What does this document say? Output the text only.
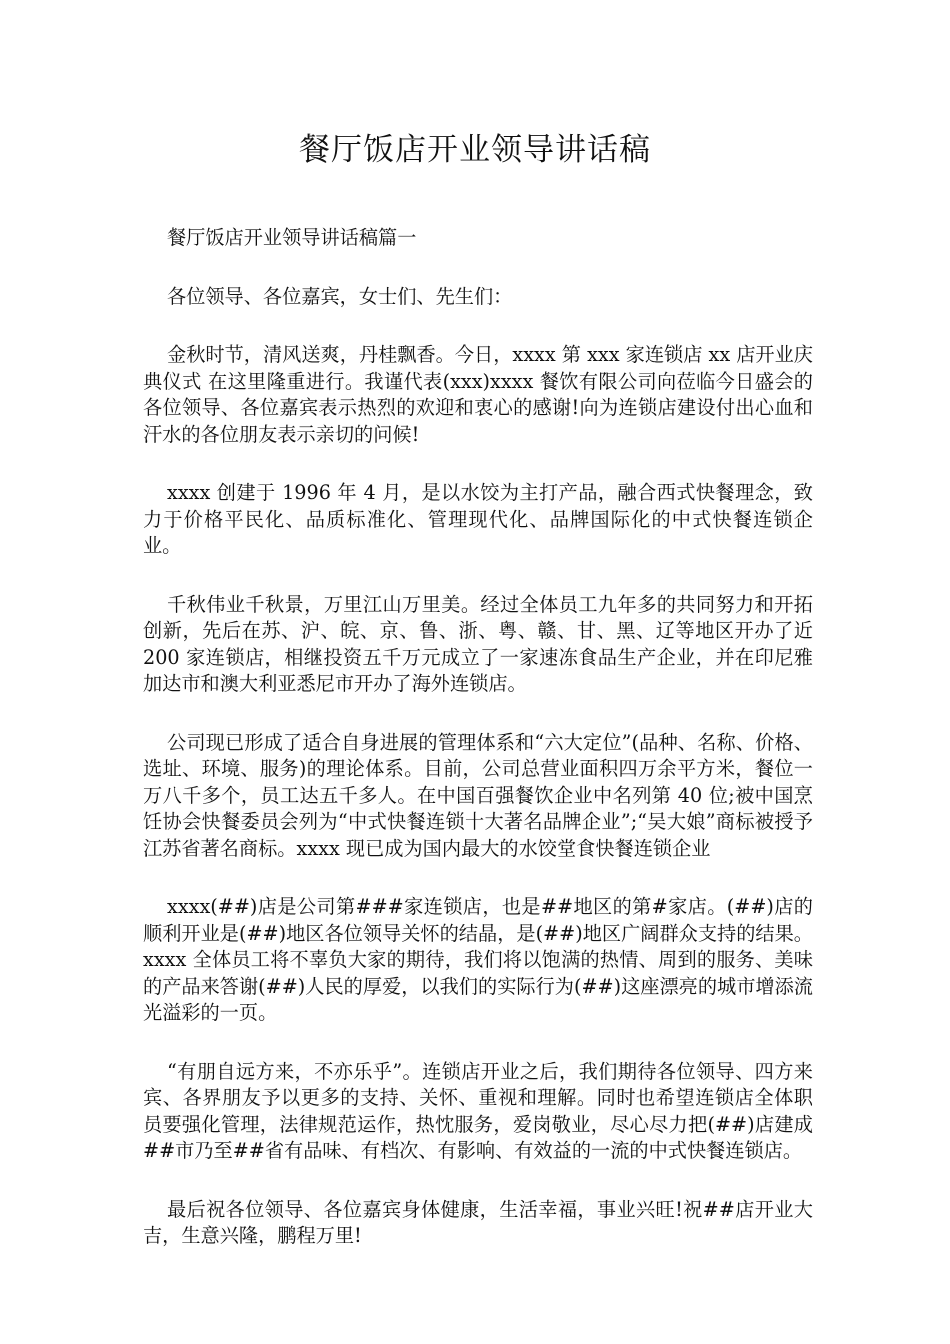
餐厅饭店开业领导讲话稿

餐厅饭店开业领导讲话稿篇一

各位领导、各位嘉宾，女士们、先生们：

金秋时节，清风送爽，丹桂飘香。今日，xxxx 第 xxx 家连锁店 xx 店开业庆典仪式 在这里隆重进行。我谨代表(xxx)xxxx 餐饮有限公司向莅临今日盛会的各位领导、各位嘉宾表示热烈的欢迎和衷心的感谢!向为连锁店建设付出心血和汗水的各位朋友表示亲切的问候!

xxxx 创建于 1996 年 4 月，是以水饺为主打产品，融合西式快餐理念，致力于价格平民化、品质标准化、管理现代化、品牌国际化的中式快餐连锁企业。

千秋伟业千秋景，万里江山万里美。经过全体员工九年多的共同努力和开拓创新，先后在苏、沪、皖、京、鲁、浙、粤、赣、甘、黑、辽等地区开办了近 200 家连锁店，相继投资五千万元成立了一家速冻食品生产企业，并在印尼雅加达市和澳大利亚悉尼市开办了海外连锁店。

公司现已形成了适合自身进展的管理体系和“六大定位”(品种、名称、价格、选址、环境、服务)的理论体系。目前，公司总营业面积四万余平方米，餐位一万八千多个，员工达五千多人。在中国百强餐饮企业中名列第 40 位;被中国烹饪协会快餐委员会列为“中式快餐连锁十大著名品牌企业”;“吴大娘”商标被授予江苏省著名商标。xxxx 现已成为国内最大的水饺堂食快餐连锁企业

xxxx(##)店是公司第###家连锁店，也是##地区的第#家店。(##)店的顺利开业是(##)地区各位领导关怀的结晶，是(##)地区广阔群众支持的结果。xxxx 全体员工将不辜负大家的期待，我们将以饱满的热情、周到的服务、美味的产品来答谢(##)人民的厚爱，以我们的实际行为(##)这座漂亮的城市增添流光溢彩的一页。

“有朋自远方来，不亦乐乎”。连锁店开业之后，我们期待各位领导、四方来宾、各界朋友予以更多的支持、关怀、重视和理解。同时也希望连锁店全体职员要强化管理，法律规范运作，热忱服务，爱岗敬业，尽心尽力把(##)店建成##市乃至##省有品味、有档次、有影响、有效益的一流的中式快餐连锁店。

最后祝各位领导、各位嘉宾身体健康，生活幸福，事业兴旺!祝##店开业大吉，生意兴隆，鹏程万里!
